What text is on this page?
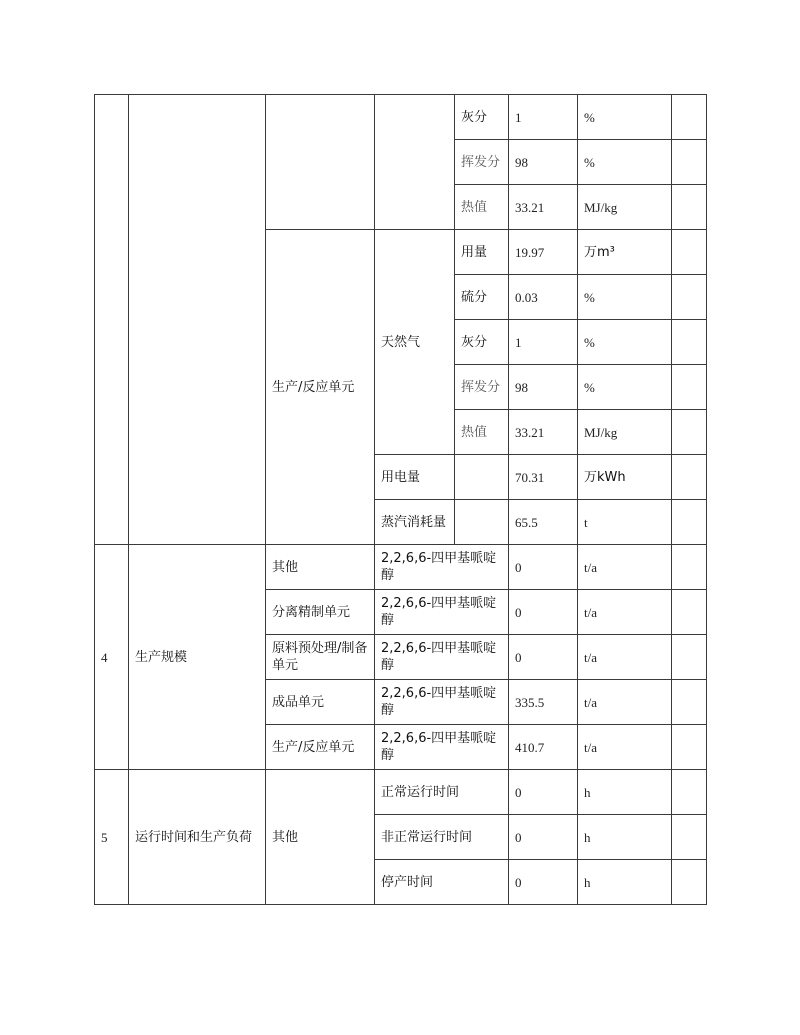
				灰分	1	%	
				挥发分	98	%	
				热值	33.21	MJ/kg	
		生产/反应单元	天然气	用量	19.97	万m³	
				硫分	0.03	%	
				灰分	1	%	
				挥发分	98	%	
				热值	33.21	MJ/kg	
			用电量		70.31	万kWh	
			蒸汽消耗量		65.5	t	
4	生产规模	其他	2,2,6,6-四甲基哌啶醇		0	t/a	
		分离精制单元	2,2,6,6-四甲基哌啶醇		0	t/a	
		原料预处理/制备单元	2,2,6,6-四甲基哌啶醇		0	t/a	
		成品单元	2,2,6,6-四甲基哌啶醇		335.5	t/a	
		生产/反应单元	2,2,6,6-四甲基哌啶醇		410.7	t/a	
5	运行时间和生产负荷	其他	正常运行时间		0	h	
			非正常运行时间		0	h	
			停产时间		0	h	
